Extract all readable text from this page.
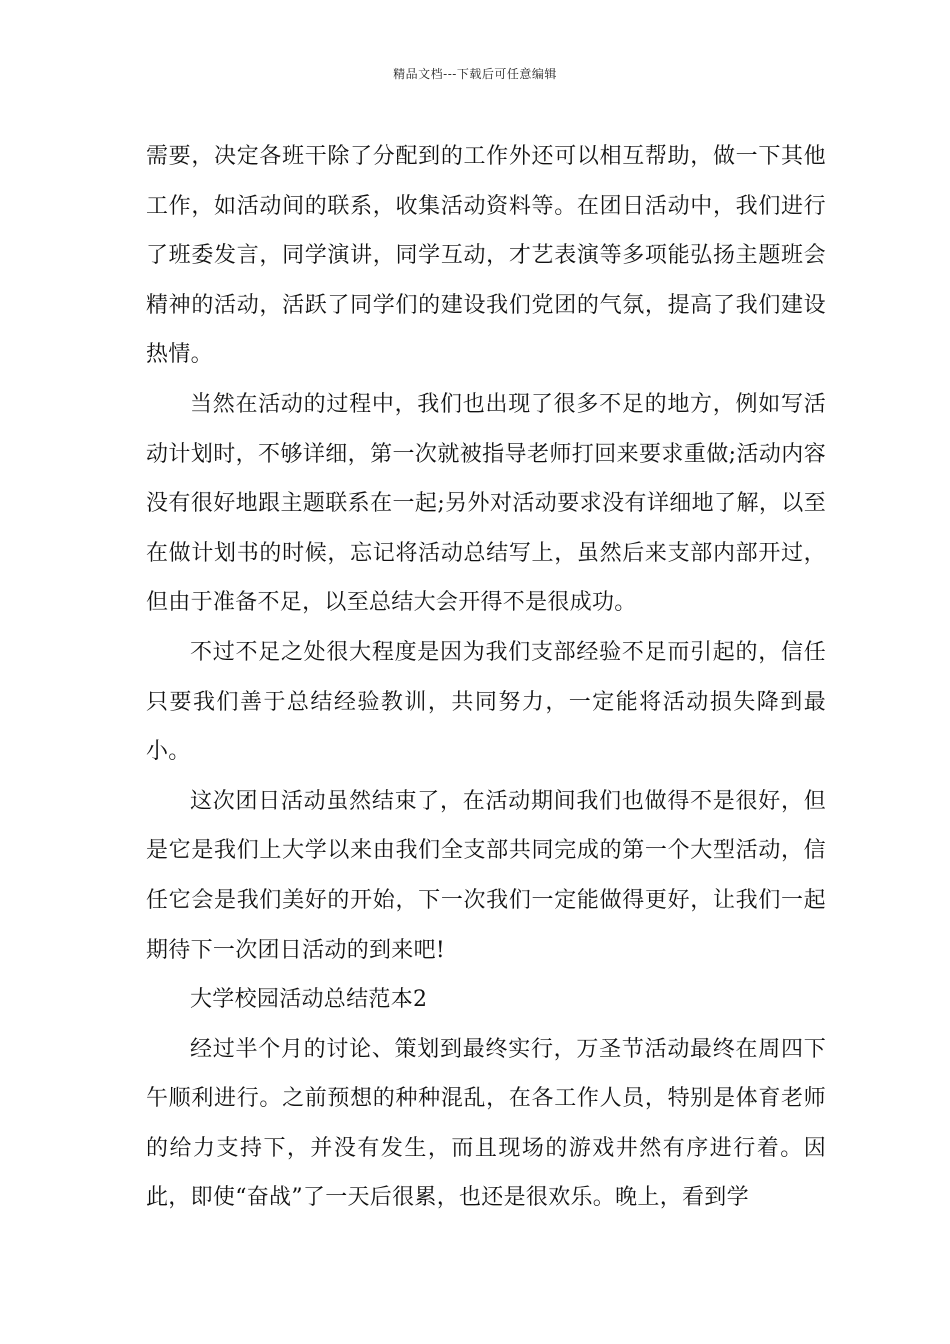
精品文档---下载后可任意编辑

需要，决定各班干除了分配到的工作外还可以相互帮助，做一下其他工作，如活动间的联系，收集活动资料等。在团日活动中，我们进行了班委发言，同学演讲，同学互动，才艺表演等多项能弘扬主题班会精神的活动，活跃了同学们的建设我们党团的气氛，提高了我们建设热情。

当然在活动的过程中，我们也出现了很多不足的地方，例如写活动计划时，不够详细，第一次就被指导老师打回来要求重做;活动内容没有很好地跟主题联系在一起;另外对活动要求没有详细地了解，以至在做计划书的时候，忘记将活动总结写上，虽然后来支部内部开过，但由于准备不足，以至总结大会开得不是很成功。

不过不足之处很大程度是因为我们支部经验不足而引起的，信任只要我们善于总结经验教训，共同努力，一定能将活动损失降到最小。

这次团日活动虽然结束了，在活动期间我们也做得不是很好，但是它是我们上大学以来由我们全支部共同完成的第一个大型活动，信任它会是我们美好的开始，下一次我们一定能做得更好，让我们一起期待下一次团日活动的到来吧!

大学校园活动总结范本2

经过半个月的讨论、策划到最终实行，万圣节活动最终在周四下午顺利进行。之前预想的种种混乱，在各工作人员，特别是体育老师的给力支持下，并没有发生，而且现场的游戏井然有序进行着。因此，即使“奋战”了一天后很累，也还是很欢乐。晚上，看到学
